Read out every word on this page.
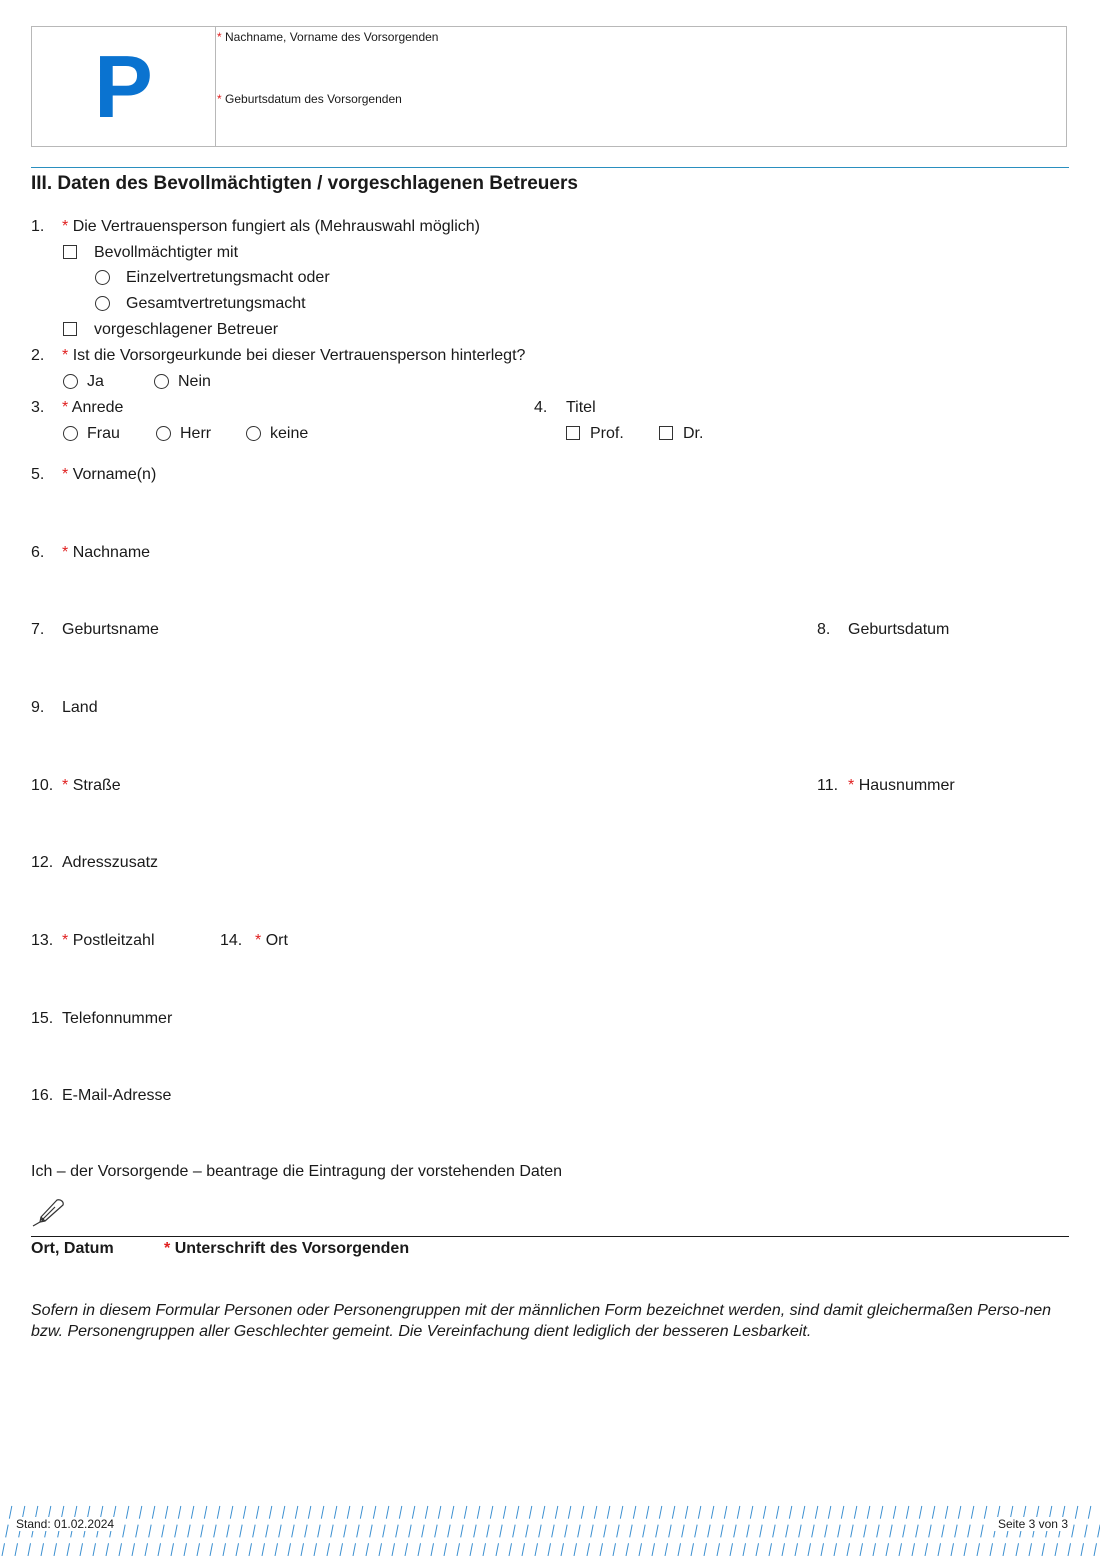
P	* Nachname, Vorname des Vorsorgenden
* Geburtsdatum des Vorsorgenden
III. Daten des Bevollmächtigten / vorgeschlagenen Betreuers
1. * Die Vertrauensperson fungiert als (Mehrauswahl möglich)
Bevollmächtigter mit
Einzelvertretungsmacht oder
Gesamtvertretungsmacht
vorgeschlagener Betreuer
2. * Ist die Vorsorgeurkunde bei dieser Vertrauensperson hinterlegt?
Ja	Nein
3. * Anrede
Frau	Herr	keine
4. Titel
Prof.	Dr.
5. * Vorname(n)
6. * Nachname
7. Geburtsname	8. Geburtsdatum
9. Land
10. * Straße	11. * Hausnummer
12. Adresszusatz
13. * Postleitzahl	14. * Ort
15. Telefonnummer
16. E-Mail-Adresse
Ich – der Vorsorgende – beantrage die Eintragung der vorstehenden Daten
Ort, Datum	* Unterschrift des Vorsorgenden
Sofern in diesem Formular Personen oder Personengruppen mit der männlichen Form bezeichnet werden, sind damit gleichermaßen Perso-nen bzw. Personengruppen aller Geschlechter gemeint. Die Vereinfachung dient lediglich der besseren Lesbarkeit.
Stand: 01.02.2024	Seite 3 von 3
